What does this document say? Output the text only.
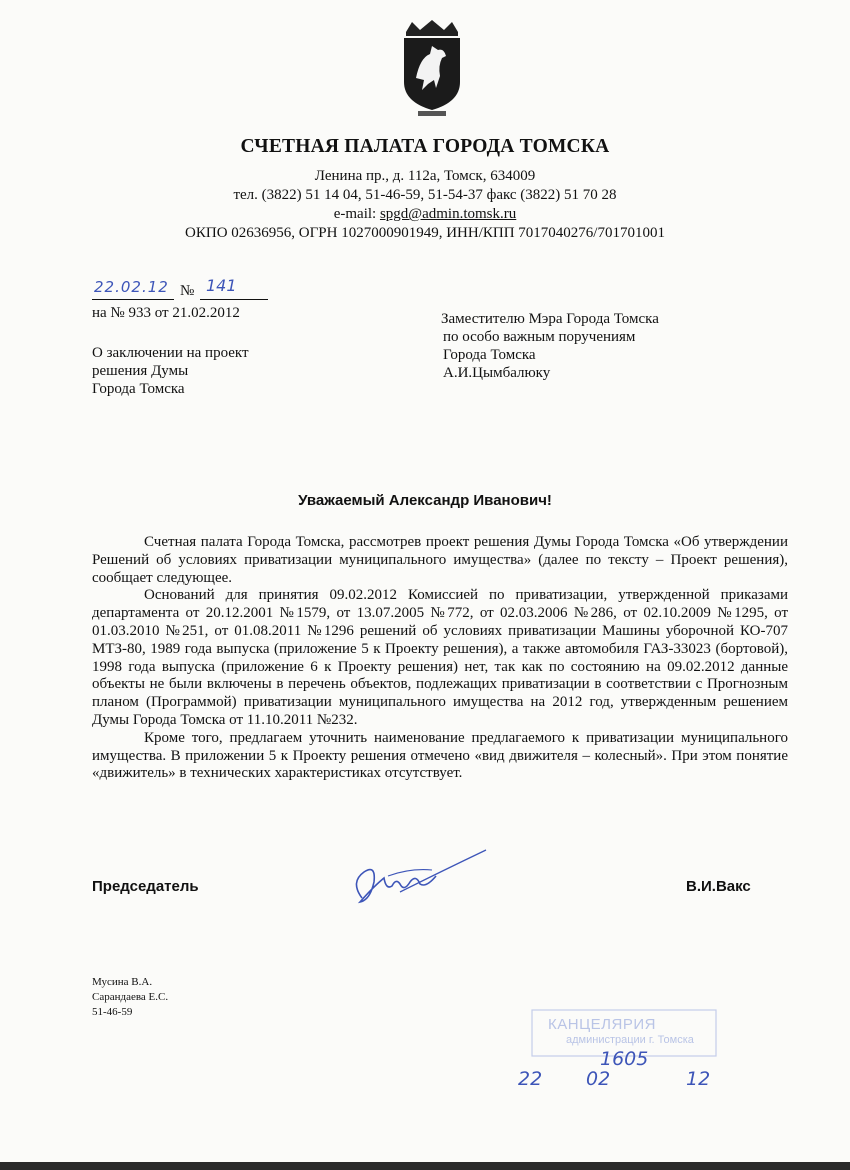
СЧЕТНАЯ ПАЛАТА ГОРОДА ТОМСКА
Ленина пр., д. 112а, Томск, 634009
тел. (3822) 51 14 04, 51-46-59, 51-54-37 факс (3822) 51 70 28
e-mail: spgd@admin.tomsk.ru
ОКПО 02636956, ОГРН 1027000901949, ИНН/КПП 7017040276/701701001
22.02.12 № 141
на № 933 от 21.02.2012
О заключении на проект
решения Думы
Города Томска
Заместителю Мэра Города Томска
по особо важным поручениям
Города Томска
А.И.Цымбалюку
Уважаемый Александр Иванович!

Счетная палата Города Томска, рассмотрев проект решения Думы Города Томска «Об утверждении Решений об условиях приватизации муниципального имущества» (далее по тексту – Проект решения), сообщает следующее.

Оснований для принятия 09.02.2012 Комиссией по приватизации, утвержденной приказами департамента от 20.12.2001 №1579, от 13.07.2005 №772, от 02.03.2006 №286, от 02.10.2009 №1295, от 01.03.2010 №251, от 01.08.2011 №1296 решений об условиях приватизации Машины уборочной КО-707 МТЗ-80, 1989 года выпуска (приложение 5 к Проекту решения), а также автомобиля ГАЗ-33023 (бортовой), 1998 года выпуска (приложение 6 к Проекту решения) нет, так как по состоянию на 09.02.2012 данные объекты не были включены в перечень объектов, подлежащих приватизации в соответствии с Прогнозным планом (Программой) приватизации муниципального имущества на 2012 год, утвержденным решением Думы Города Томска от 11.10.2011 №232.

Кроме того, предлагаем уточнить наименование предлагаемого к приватизации муниципального имущества. В приложении 5 к Проекту решения отмечено «вид движителя – колесный». При этом понятие «движитель» в технических характеристиках отсутствует.

Председатель	В.И.Вакс
Мусина В.А.
Сарандаева Е.С.
51-46-59
КАНЦЕЛЯРИЯ
администрации г. Томска
1605
22 02	12
